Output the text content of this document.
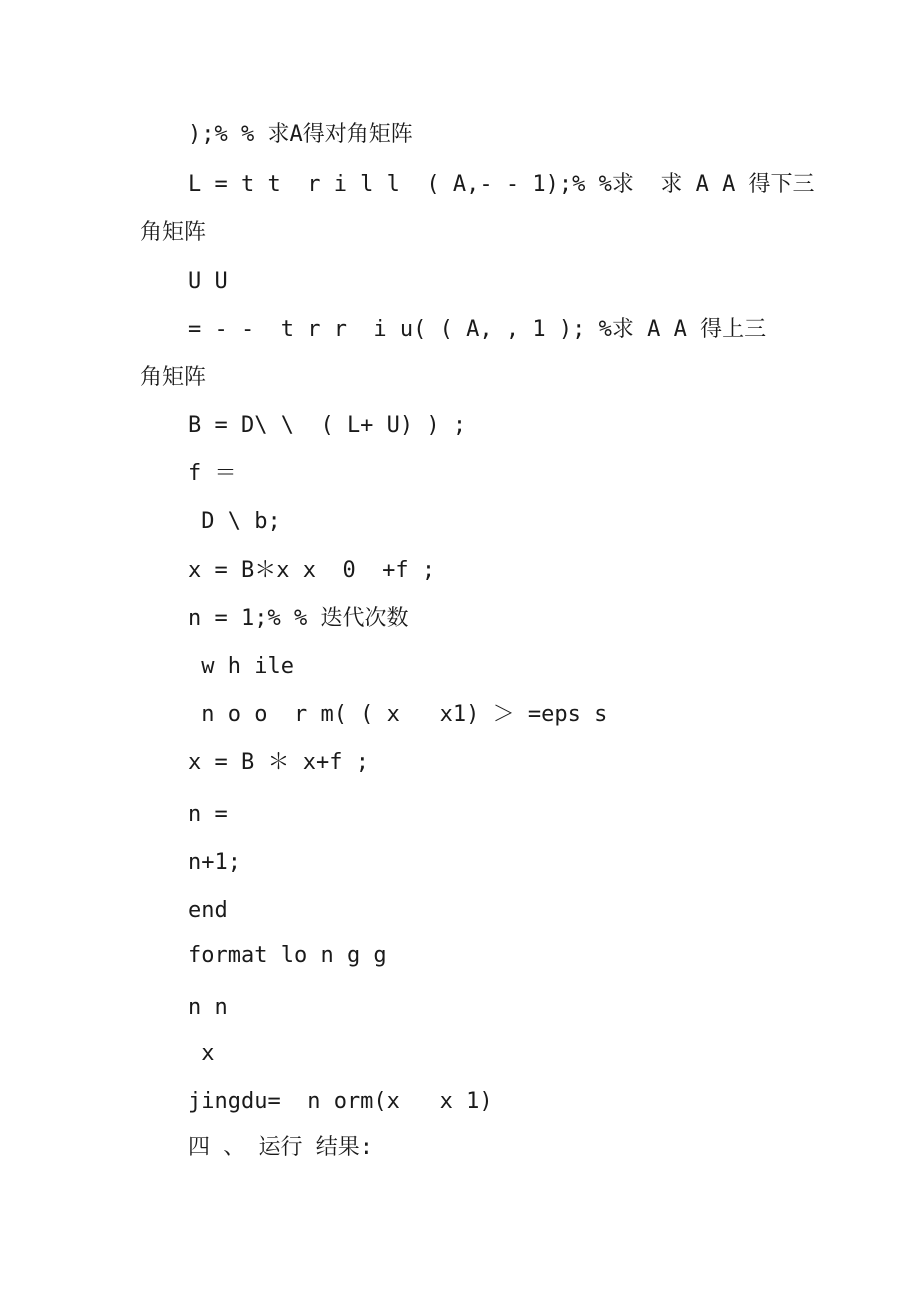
);% % 求A得对角矩阵
L = t t  r i l l  ( A,- - 1);% %求  求 A A 得下三
角矩阵
U U
= - -  t r r  i u( ( A, , 1 ); %求 A A 得上三
角矩阵
B = D\ \  ( L+ U) ) ;
f ＝
D \ b;
x = B＊x x  0  +f ;
n = 1;% % 迭代次数
w h ile
n o o  r m( ( x   x1) ＞ =eps s
x = B ＊ x+f ;
n =
n+1;
end
format lo n g g
n n
x
jingdu=  n orm(x   x 1)
四 、 运行 结果:
